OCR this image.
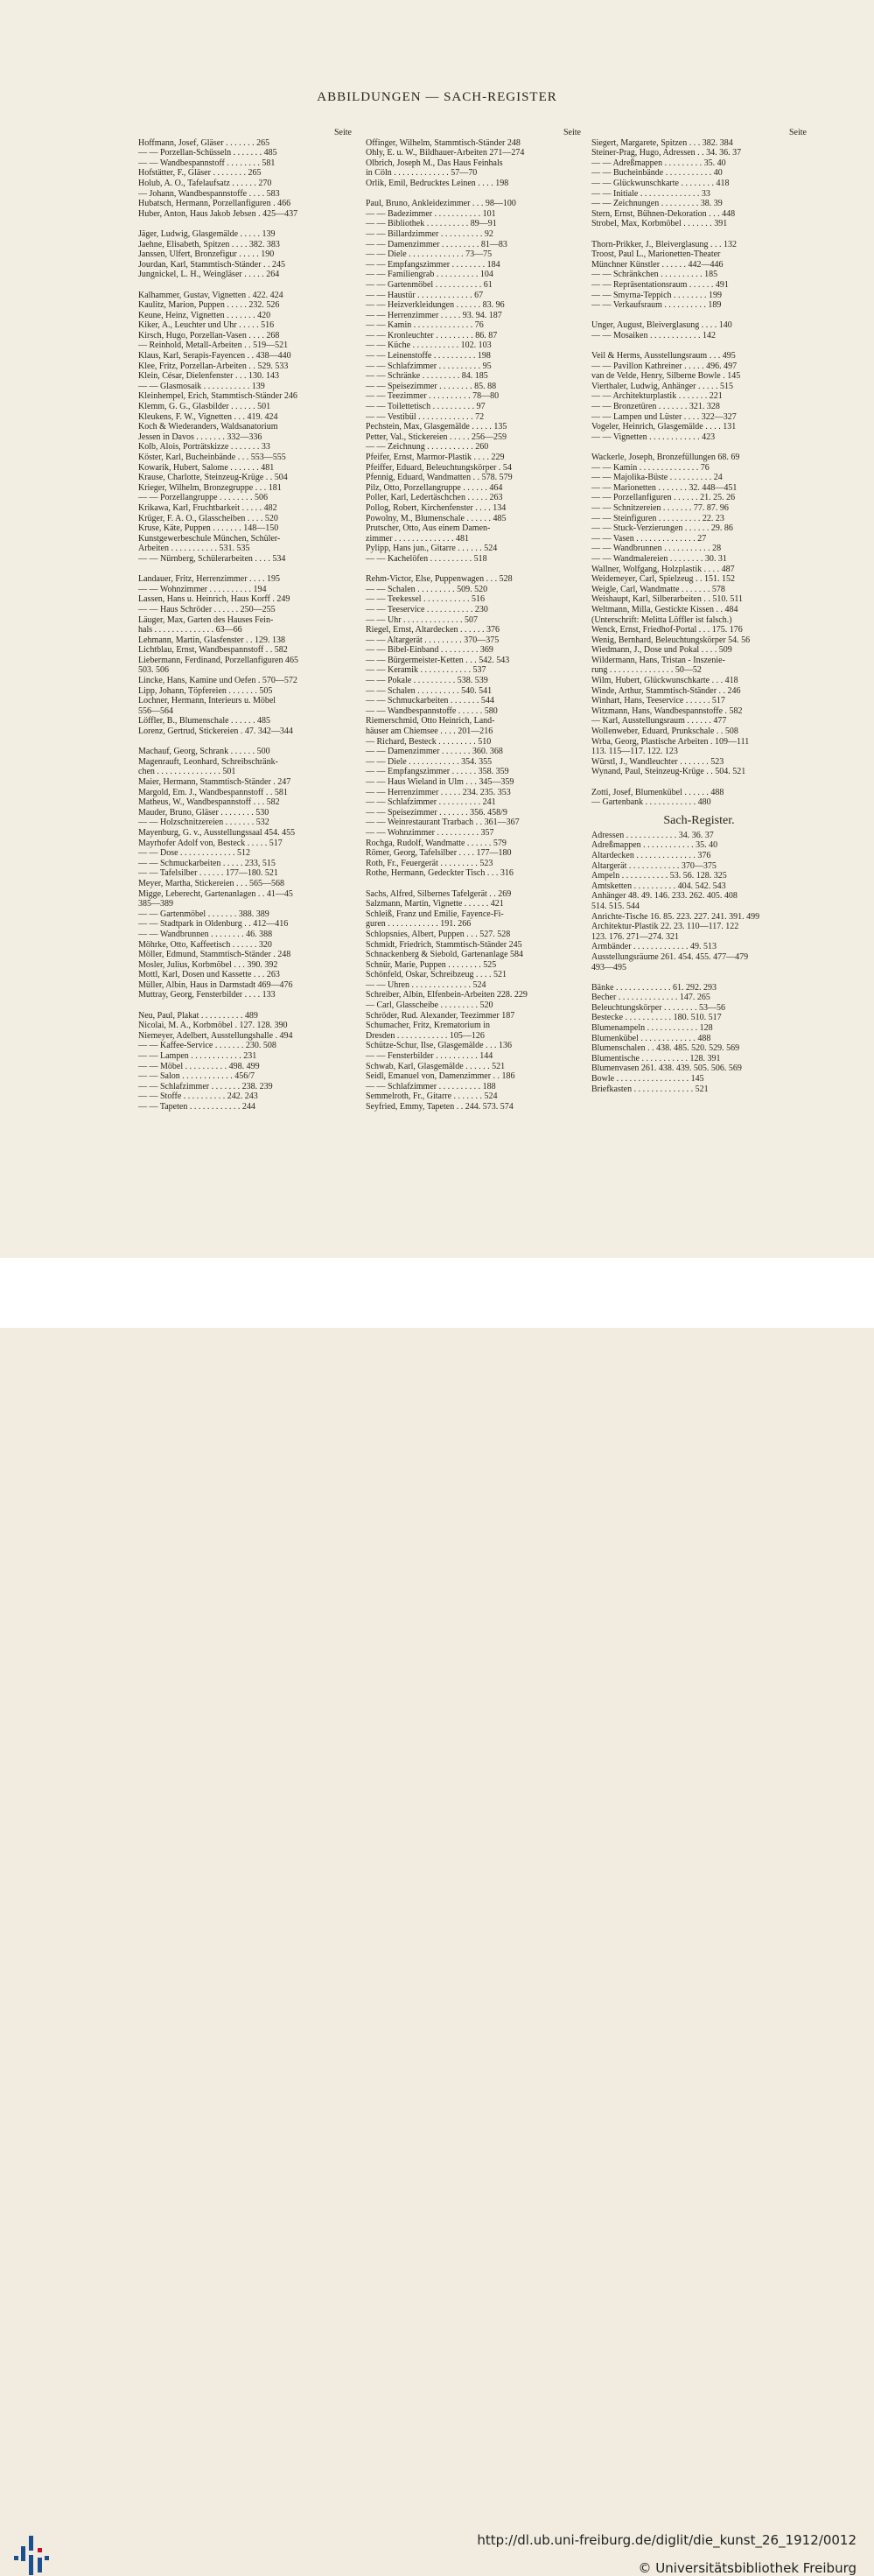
ABBILDUNGEN — SACH-REGISTER
Seite
Hoffmann, Josef, Gläser . . . . . . . 265
— — Porzellan-Schüsseln . . . . . . . 485
— — Wandbespannstoff . . . . . . . . 581
Hofstätter, F., Gläser . . . . . . . . 265
Holub, A. O., Tafelaufsatz . . . . . . 270
— Johann, Wandbespannstoffe . . . . 583
Hubatsch, Hermann, Porzellanfiguren . 466
Huber, Anton, Haus Jakob Jebsen . 425—437
Jäger, Ludwig, Glasgemälde . . . . . 139
Jaehne, Elisabeth, Spitzen . . . . 382. 383
Janssen, Ulfert, Bronzefigur . . . . . 190
Jourdan, Karl, Stammtisch-Ständer . . 245
Jungnickel, L. H., Weingläser . . . . . 264
Kalhammer, Gustav, Vignetten . 422. 424
Kaulitz, Marion, Puppen . . . . . 232. 526
Keune, Heinz, Vignetten . . . . . . . 420
Kiker, A., Leuchter und Uhr . . . . . 516
Kirsch, Hugo, Porzellan-Vasen . . . . 268
— Reinhold, Metall-Arbeiten . . 519—521
Klaus, Karl, Serapis-Fayencen . . 438—440
Klee, Fritz, Porzellan-Arbeiten . . 529. 533
Klein, César, Dielenfenster . . . 130. 143
— — Glasmosaik . . . . . . . . . . . 139
Kleinhempel, Erich, Stammtisch-Ständer 246
Klemm, G. G., Glasbilder . . . . . . 501
Kleukens, F. W., Vignetten . . . 419. 424
Koch & Wiederanders, Waldsanatorium
Jessen in Davos . . . . . . . 332—336
Kolb, Alois, Porträtskizze . . . . . . . 33
Köster, Karl, Bucheinbände . . . 553—555
Kowarik, Hubert, Salome . . . . . . . 481
Krause, Charlotte, Steinzeug-Krüge . . 504
Krieger, Wilhelm, Bronzegruppe . . . 181
— — Porzellangruppe . . . . . . . . 506
Krikawa, Karl, Fruchtbarkeit . . . . . 482
Krüger, F. A. O., Glasscheiben . . . . 520
Kruse, Käte, Puppen . . . . . . . 148—150
Kunstgewerbeschule München, Schüler-
Arbeiten . . . . . . . . . . . 531. 535
— — Nürnberg, Schülerarbeiten . . . . 534
Landauer, Fritz, Herrenzimmer . . . . 195
— — Wohnzimmer . . . . . . . . . . 194
Lassen, Hans u. Heinrich, Haus Korff . 249
— — Haus Schröder . . . . . . 250—255
Läuger, Max, Garten des Hauses Fein-
hals . . . . . . . . . . . . . . 63—66
Lehmann, Martin, Glasfenster . . 129. 138
Lichtblau, Ernst, Wandbespannstoff . . 582
Liebermann, Ferdinand, Porzellanfiguren 465
503. 506
Lincke, Hans, Kamine und Oefen . 570—572
Lipp, Johann, Töpfereien . . . . . . . 505
Lochner, Hermann, Interieurs u. Möbel
556—564
Löffler, B., Blumenschale . . . . . . 485
Lorenz, Gertrud, Stickereien . 47. 342—344
Machauf, Georg, Schrank . . . . . . 500
Magenrauft, Leonhard, Schreibschränk-
chen . . . . . . . . . . . . . . . 501
Maier, Hermann, Stammtisch-Ständer . 247
Margold, Em. J., Wandbespannstoff . . 581
Matheus, W., Wandbespannstoff . . . 582
Mauder, Bruno, Gläser . . . . . . . . 530
— — Holzschnitzereien . . . . . . . 532
Mayenburg, G. v., Ausstellungssaal 454. 455
Mayrhofer Adolf von, Besteck . . . . . 517
— — Dose . . . . . . . . . . . . . 512
— — Schmuckarbeiten . . . . . 233, 515
— — Tafelsilber . . . . . . 177—180. 521
Meyer, Martha, Stickereien . . . 565—568
Migge, Leberecht, Gartenanlagen . . 41—45
385—389
— — Gartenmöbel . . . . . . . 388. 389
— — Stadtpark in Oldenburg . . 412—416
— — Wandbrunnen . . . . . . . . 46. 388
Möhrke, Otto, Kaffeetisch . . . . . . 320
Möller, Edmund, Stammtisch-Ständer . 248
Mosler, Julius, Korbmöbel . . . 390. 392
Mottl, Karl, Dosen und Kassette . . . 263
Müller, Albin, Haus in Darmstadt 469—476
Muttray, Georg, Fensterbilder . . . . 133
Neu, Paul, Plakat . . . . . . . . . . 489
Nicolai, M. A., Korbmöbel . 127. 128. 390
Niemeyer, Adelbert, Ausstellungshalle . 494
— — Kaffee-Service . . . . . . . 230. 508
— — Lampen . . . . . . . . . . . . 231
— — Möbel . . . . . . . . . . 498. 499
— — Salon . . . . . . . . . . . . 456/7
— — Schlafzimmer . . . . . . . 238. 239
— — Stoffe . . . . . . . . . . 242. 243
— — Tapeten . . . . . . . . . . . . 244
Seite
Offinger, Wilhelm, Stammtisch-Ständer 248
Ohly, E. u. W., Bildhauer-Arbeiten 271—274
Olbrich, Joseph M., Das Haus Feinhals
in Cöln . . . . . . . . . . . . . 57—70
Orlik, Emil, Bedrucktes Leinen . . . . 198
Paul, Bruno, Ankleidezimmer . . . 98—100
— — Badezimmer . . . . . . . . . . . 101
— — Bibliothek . . . . . . . . . . 89—91
— — Billardzimmer . . . . . . . . . . 92
— — Damenzimmer . . . . . . . . . 81—83
— — Diele . . . . . . . . . . . . . 73—75
— — Empfangszimmer . . . . . . . . 184
— — Familiengrab . . . . . . . . . . 104
— — Gartenmöbel . . . . . . . . . . . 61
— — Haustür . . . . . . . . . . . . . 67
— — Heizverkleidungen . . . . . . 83. 96
— — Herrenzimmer . . . . . 93. 94. 187
— — Kamin . . . . . . . . . . . . . . 76
— — Kronleuchter . . . . . . . . . 86. 87
— — Küche . . . . . . . . . . . 102. 103
— — Leinenstoffe . . . . . . . . . . 198
— — Schlafzimmer . . . . . . . . . . 95
— — Schränke . . . . . . . . . 84. 185
— — Speisezimmer . . . . . . . . 85. 88
— — Teezimmer . . . . . . . . . . 78—80
— — Toilettetisch . . . . . . . . . . 97
— — Vestibül . . . . . . . . . . . . . 72
Pechstein, Max, Glasgemälde . . . . . 135
Petter, Val., Stickereien . . . . . 256—259
— — Zeichnung . . . . . . . . . . . 260
Pfeifer, Ernst, Marmor-Plastik . . . . 229
Pfeiffer, Eduard, Beleuchtungskörper . 54
Pfennig, Eduard, Wandmatten . . 578. 579
Pilz, Otto, Porzellangruppe . . . . . . 464
Poller, Karl, Ledertäschchen . . . . . 263
Pollog, Robert, Kirchenfenster . . . . 134
Powolny, M., Blumenschale . . . . . . 485
Prutscher, Otto, Aus einem Damen-
zimmer . . . . . . . . . . . . . . 481
Pylipp, Hans jun., Gitarre . . . . . . 524
— — Kachelöfen . . . . . . . . . . 518
Rehm-Victor, Else, Puppenwagen . . . 528
— — Schalen . . . . . . . . . 509. 520
— — Teekessel . . . . . . . . . . . 516
— — Teeservice . . . . . . . . . . . 230
— — Uhr . . . . . . . . . . . . . . 507
Riegel, Ernst, Altardecken . . . . . . 376
— — Altargerät . . . . . . . . . 370—375
— — Bibel-Einband . . . . . . . . . 369
— — Bürgermeister-Ketten . . . 542. 543
— — Keramik . . . . . . . . . . . . 537
— — Pokale . . . . . . . . . . 538. 539
— — Schalen . . . . . . . . . . 540. 541
— — Schmuckarbeiten . . . . . . . 544
— — Wandbespannstoffe . . . . . . 580
Riemerschmid, Otto Heinrich, Land-
häuser am Chiemsee . . . . 201—216
— Richard, Besteck . . . . . . . . . 510
— — Damenzimmer . . . . . . . 360. 368
— — Diele . . . . . . . . . . . . 354. 355
— — Empfangszimmer . . . . . . 358. 359
— — Haus Wieland in Ulm . . . 345—359
— — Herrenzimmer . . . . . 234. 235. 353
— — Schlafzimmer . . . . . . . . . . 241
— — Speisezimmer . . . . . . . 356. 458/9
— — Weinrestaurant Trarbach . . 361—367
— — Wohnzimmer . . . . . . . . . . 357
Rochga, Rudolf, Wandmatte . . . . . . 579
Römer, Georg, Tafelsilber . . . . 177—180
Roth, Fr., Feuergerät . . . . . . . . . 523
Rothe, Hermann, Gedeckter Tisch . . . 316
Sachs, Alfred, Silbernes Tafelgerät . . 269
Salzmann, Martin, Vignette . . . . . . 421
Schleiß, Franz und Emilie, Fayence-Fi-
guren . . . . . . . . . . . . 191. 266
Schlopsnies, Albert, Puppen . . . 527. 528
Schmidt, Friedrich, Stammtisch-Ständer 245
Schnackenberg & Siebold, Gartenanlage 584
Schnür, Marie, Puppen . . . . . . . . 525
Schönfeld, Oskar, Schreibzeug . . . . 521
— — Uhren . . . . . . . . . . . . . . 524
Schreiber, Albin, Elfenbein-Arbeiten 228. 229
— Carl, Glasscheibe . . . . . . . . . 520
Schröder, Rud. Alexander, Teezimmer 187
Schumacher, Fritz, Krematorium in
Dresden . . . . . . . . . . . . 105—126
Schütze-Schur, Ilse, Glasgemälde . . . 136
— — Fensterbilder . . . . . . . . . . 144
Schwab, Karl, Glasgemälde . . . . . . 521
Seidl, Emanuel von, Damenzimmer . . 186
— — Schlafzimmer . . . . . . . . . . 188
Semmelroth, Fr., Gitarre . . . . . . . 524
Seyfried, Emmy, Tapeten . . 244. 573. 574
Seite
Siegert, Margarete, Spitzen . . . 382. 384
Steiner-Prag, Hugo, Adressen . . 34. 36. 37
— — Adreßmappen . . . . . . . . . 35. 40
— — Bucheinbände . . . . . . . . . . . 40
— — Glückwunschkarte . . . . . . . . 418
— — Initiale . . . . . . . . . . . . . . 33
— — Zeichnungen . . . . . . . . . 38. 39
Stern, Ernst, Bühnen-Dekoration . . . 448
Strobel, Max, Korbmöbel . . . . . . . 391
Thorn-Prikker, J., Bleiverglasung . . . 132
Troost, Paul L., Marionetten-Theater
Münchner Künstler . . . . . . 442—446
— — Schränkchen . . . . . . . . . . 185
— — Repräsentationsraum . . . . . . 491
— — Smyrna-Teppich . . . . . . . . 199
— — Verkaufsraum . . . . . . . . . . 189
Unger, August, Bleiverglasung . . . . 140
— — Mosaiken . . . . . . . . . . . . 142
Veil & Herms, Ausstellungsraum . . . 495
— — Pavillon Kathreiner . . . . . 496. 497
van de Velde, Henry, Silberne Bowle . 145
Vierthaler, Ludwig, Anhänger . . . . . 515
— — Architekturplastik . . . . . . . 221
— — Bronzetüren . . . . . . . 321. 328
— — Lampen und Lüster . . . . 322—327
Vogeler, Heinrich, Glasgemälde . . . . 131
— — Vignetten . . . . . . . . . . . . 423
Wackerle, Joseph, Bronzefüllungen 68. 69
— — Kamin . . . . . . . . . . . . . . 76
— — Majolika-Büste . . . . . . . . . . 24
— — Marionetten . . . . . . . 32. 448—451
— — Porzellanfiguren . . . . . . 21. 25. 26
— — Schnitzereien . . . . . . . 77. 87. 96
— — Steinfiguren . . . . . . . . . . 22. 23
— — Stuck-Verzierungen . . . . . . 29. 86
— — Vasen . . . . . . . . . . . . . . 27
— — Wandbrunnen . . . . . . . . . . . 28
— — Wandmalereien . . . . . . . . 30. 31
Wallner, Wolfgang, Holzplastik . . . . 487
Weidemeyer, Carl, Spielzeug . . 151. 152
Weigle, Carl, Wandmatte . . . . . . . 578
Weishaupt, Karl, Silberarbeiten . . 510. 511
Weltmann, Milla, Gestickte Kissen . . 484
(Unterschrift: Melitta Löffler ist falsch.)
Wenck, Ernst, Friedhof-Portal . . . 175. 176
Wenig, Bernhard, Beleuchtungskörper 54. 56
Wiedmann, J., Dose und Pokal . . . . 509
Wildermann, Hans, Tristan - Inszenie-
rung . . . . . . . . . . . . . . . 50—52
Wilm, Hubert, Glückwunschkarte . . . 418
Winde, Arthur, Stammtisch-Ständer . . 246
Winhart, Hans, Teeservice . . . . . . 517
Witzmann, Hans, Wandbespannstoffe . 582
— Karl, Ausstellungsraum . . . . . . 477
Wollenweber, Eduard, Prunkschale . . 508
Wrba, Georg, Plastische Arbeiten . 109—111
113. 115—117. 122. 123
Würstl, J., Wandleuchter . . . . . . . 523
Wynand, Paul, Steinzeug-Krüge . . 504. 521
Zotti, Josef, Blumenkübel . . . . . . 488
— Gartenbank . . . . . . . . . . . . 480
Sach-Register.
Adressen . . . . . . . . . . . . 34. 36. 37
Adreßmappen . . . . . . . . . . . . 35. 40
Altardecken . . . . . . . . . . . . . . 376
Altargerät . . . . . . . . . . . . 370—375
Ampeln . . . . . . . . . . . 53. 56. 128. 325
Amtsketten . . . . . . . . . . 404. 542. 543
Anhänger 48. 49. 146. 233. 262. 405. 408
514. 515. 544
Anrichte-Tische 16. 85. 223. 227. 241. 391. 499
Architektur-Plastik 22. 23. 110—117. 122
123. 176. 271—274. 321
Armbänder . . . . . . . . . . . . . 49. 513
Ausstellungsräume 261. 454. 455. 477—479
493—495
Bänke . . . . . . . . . . . . . 61. 292. 293
Becher . . . . . . . . . . . . . . 147. 265
Beleuchtungskörper . . . . . . . . 53—56
Bestecke . . . . . . . . . . . 180. 510. 517
Blumenampeln . . . . . . . . . . . . 128
Blumenkübel . . . . . . . . . . . . . 488
Blumenschalen . . 438. 485. 520. 529. 569
Blumentische . . . . . . . . . . . 128. 391
Blumenvasen 261. 438. 439. 505. 506. 569
Bowle . . . . . . . . . . . . . . . . . 145
Briefkasten . . . . . . . . . . . . . . 521
http://dl.ub.uni-freiburg.de/diglit/die_kunst_26_1912/0012
© Universitätsbibliothek Freiburg
